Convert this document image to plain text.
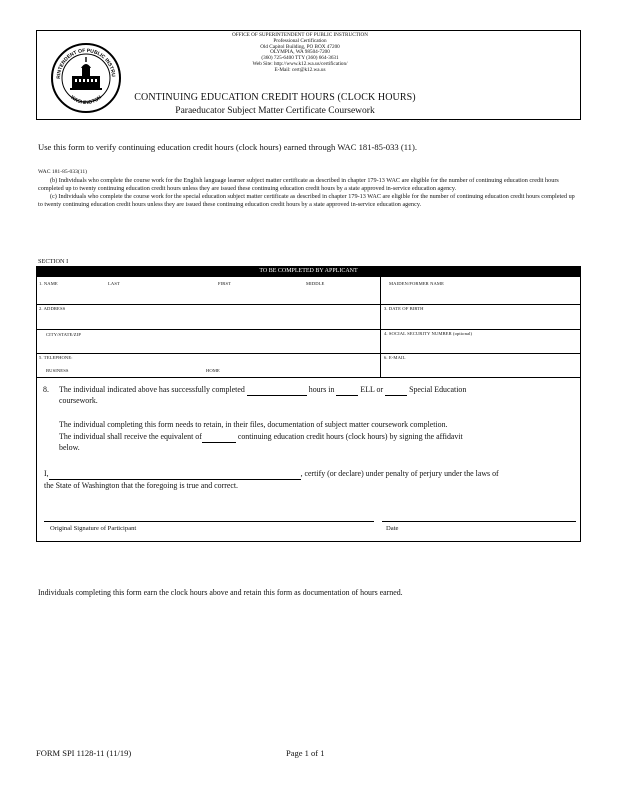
RINTENDENT OF PUBLIC INSTRU
WASHINGTON
OFFICE OF SUPERINTENDENT OF PUBLIC INSTRUCTION
Professional Certification
Old Capitol Building, PO BOX 47200
OLYMPIA, WA 98504-7200
(360) 725-6400 TTY (360) 664-3631
Web Site: http://www.k12.wa.us/certification/
E-Mail: cert@k12.wa.us
CONTINUING EDUCATION CREDIT HOURS (CLOCK HOURS)
Paraeducator Subject Matter Certificate Coursework
Use this form to verify continuing education credit hours (clock hours) earned through WAC 181-85-033 (11).
WAC 181-85-033(11)

(b) Individuals who complete the course work for the English language learner subject matter certificate as described in chapter 179-13 WAC are eligible for the number of continuing education credit hours completed up to twenty continuing education credit hours unless they are issued these continuing education credit hours by a state approved in-service education agency.

(c) Individuals who complete the course work for the special education subject matter certificate as described in chapter 179-13 WAC are eligible for the number of continuing education credit hours completed up to twenty continuing education credit hours unless they are issued these continuing education credit hours by a state approved in-service education agency.

SECTION I
TO BE COMPLETED BY APPLICANT
1. NAME	LAST	FIRST	MIDDLE	MAIDEN/FORMER NAME
2. ADDRESS	3. DATE OF BIRTH
CITY/STATE/ZIP	4. SOCIAL SECURITY NUMBER (optional)
5. TELEPHONE:
BUSINESS	HOME
6. E-MAIL
8. The individual indicated above has successfully completed	hours in	ELL or	Special Education
coursework.
The individual completing this form needs to retain, in their files, documentation of subject matter coursework completion.
The individual shall receive the equivalent of	continuing education credit hours (clock hours) by signing the affidavit
below.
I,	, certify (or declare) under penalty of perjury under the laws of
the State of Washington that the foregoing is true and correct.
Original Signature of Participant	Date
Individuals completing this form earn the clock hours above and retain this form as documentation of hours earned.
FORM SPI 1128-11 (11/19)	Page 1 of 1
